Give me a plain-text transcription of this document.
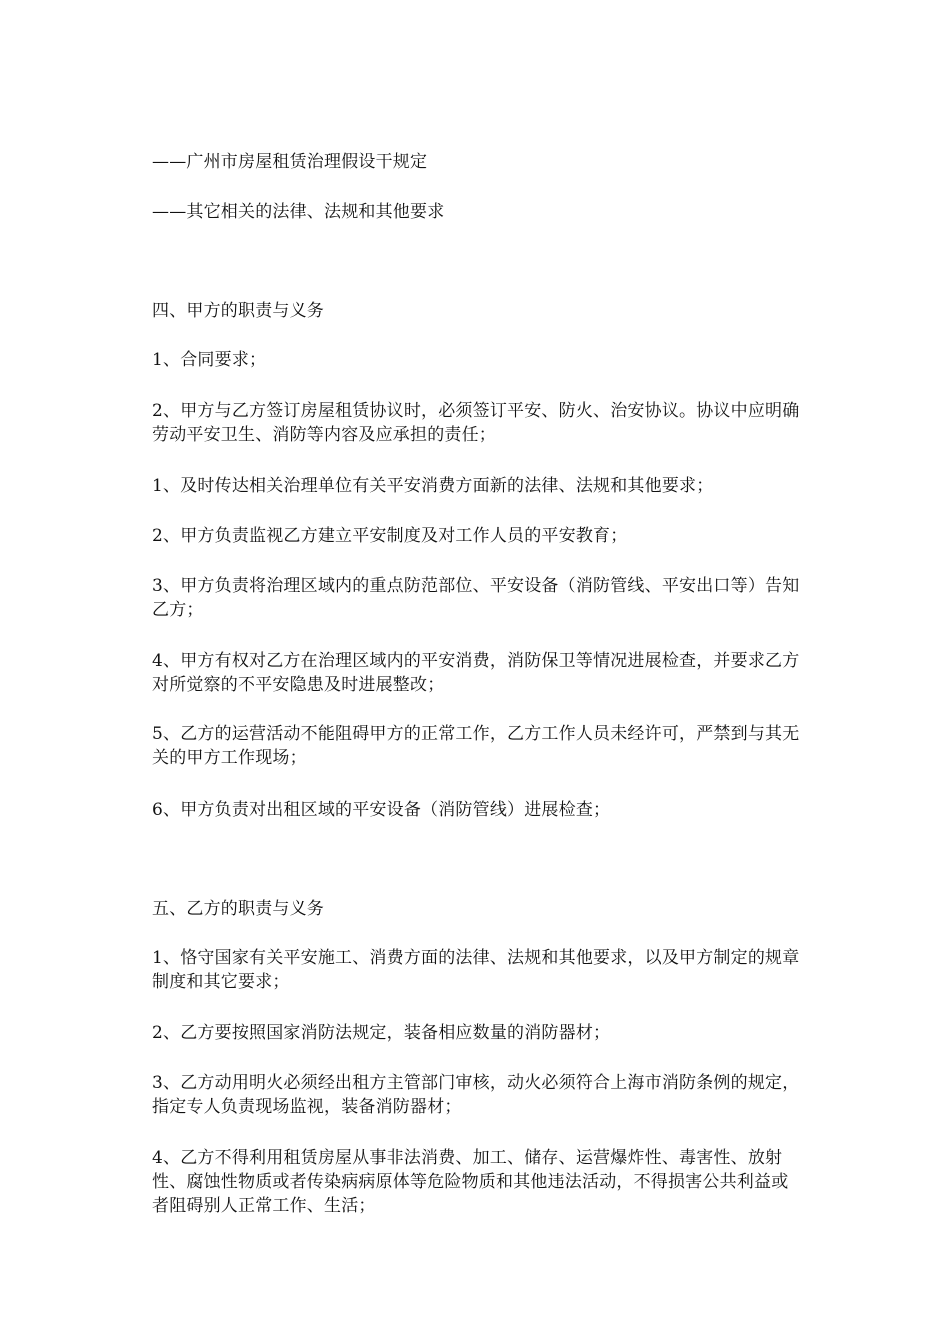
——广州市房屋租赁治理假设干规定

——其它相关的法律、法规和其他要求

四、甲方的职责与义务

1、合同要求；

2、甲方与乙方签订房屋租赁协议时，必须签订平安、防火、治安协议。协议中应明确劳动平安卫生、消防等内容及应承担的责任；

1、及时传达相关治理单位有关平安消费方面新的法律、法规和其他要求；

2、甲方负责监视乙方建立平安制度及对工作人员的平安教育；

3、甲方负责将治理区域内的重点防范部位、平安设备（消防管线、平安出口等）告知乙方；

4、甲方有权对乙方在治理区域内的平安消费，消防保卫等情况进展检查，并要求乙方对所觉察的不平安隐患及时进展整改；

5、乙方的运营活动不能阻碍甲方的正常工作，乙方工作人员未经许可，严禁到与其无关的甲方工作现场；

6、甲方负责对出租区域的平安设备（消防管线）进展检查；

五、乙方的职责与义务

1、恪守国家有关平安施工、消费方面的法律、法规和其他要求，以及甲方制定的规章制度和其它要求；

2、乙方要按照国家消防法规定，装备相应数量的消防器材；

3、乙方动用明火必须经出租方主管部门审核，动火必须符合上海市消防条例的规定，指定专人负责现场监视，装备消防器材；

4、乙方不得利用租赁房屋从事非法消费、加工、储存、运营爆炸性、毒害性、放射性、腐蚀性物质或者传染病病原体等危险物质和其他违法活动，不得损害公共利益或者阻碍别人正常工作、生活；
